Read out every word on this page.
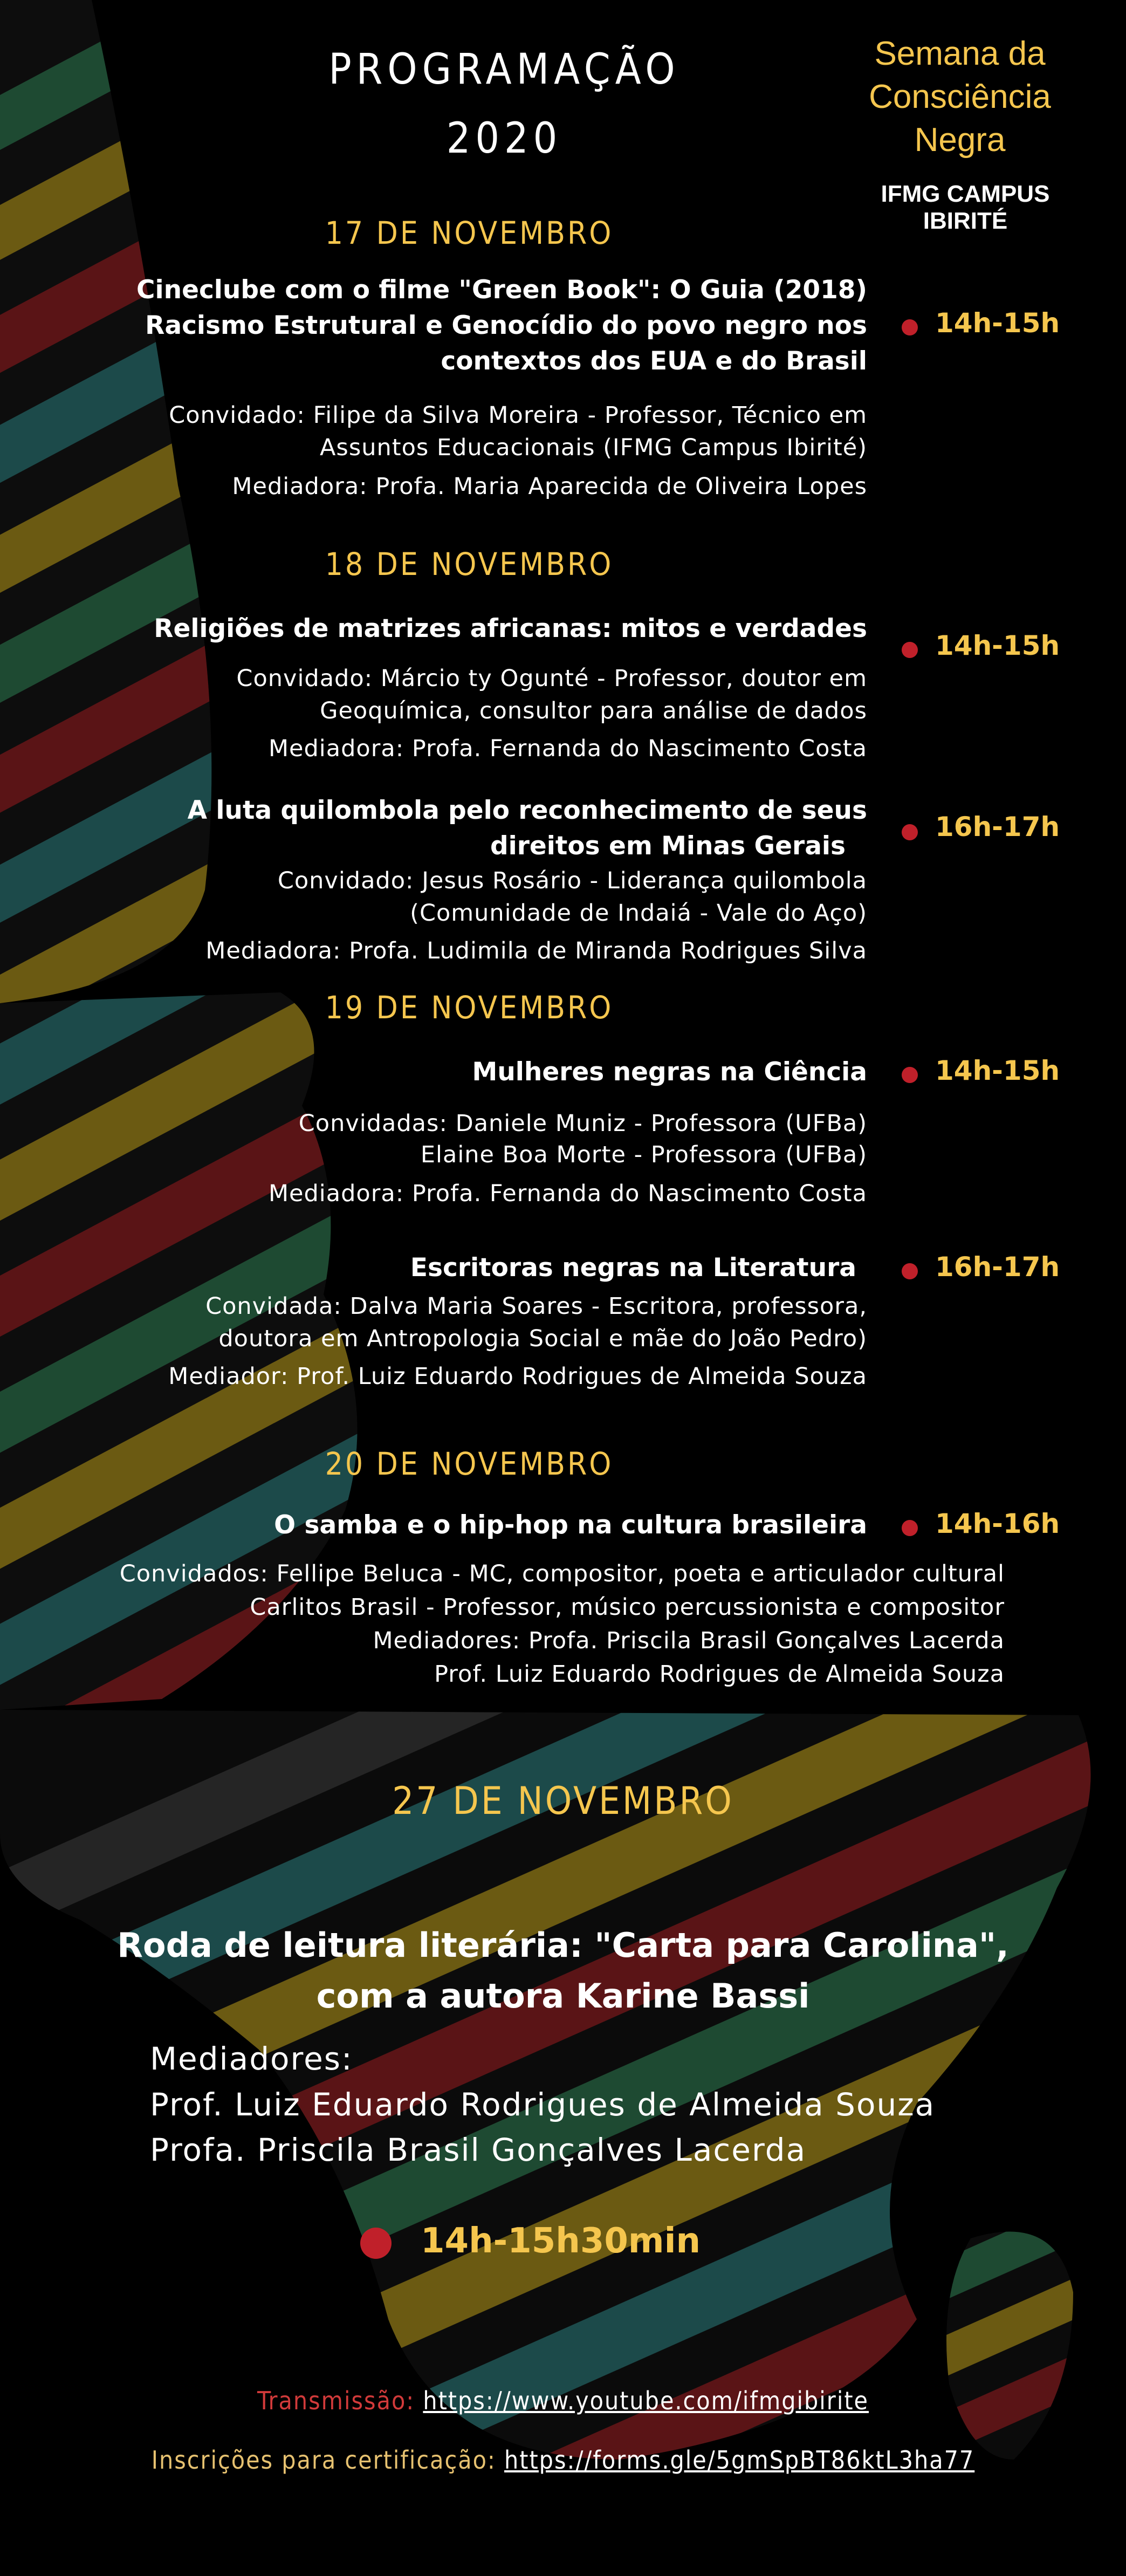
PROGRAMAÇÃO
2020
Semana da
Consciência
Negra
IFMG CAMPUS IBIRITÉ
17 DE NOVEMBRO
Cineclube com o filme "Green Book": O Guia (2018)
Racismo Estrutural e Genocídio do povo negro nos
contextos dos EUA e do Brasil
Convidado: Filipe da Silva Moreira - Professor, Técnico em
Assuntos Educacionais (IFMG Campus Ibirité)
Mediadora: Profa. Maria Aparecida de Oliveira Lopes
14h-15h
18 DE NOVEMBRO
Religiões de matrizes africanas: mitos e verdades
Convidado: Márcio ty Ogunté - Professor, doutor em
Geoquímica, consultor para análise de dados
Mediadora: Profa. Fernanda do Nascimento Costa
14h-15h
A luta quilombola pelo reconhecimento de seus
direitos em Minas Gerais
Convidado: Jesus Rosário - Liderança quilombola
(Comunidade de Indaiá - Vale do Aço)
Mediadora: Profa. Ludimila de Miranda Rodrigues Silva
16h-17h
19 DE NOVEMBRO
Mulheres negras na Ciência
Convidadas: Daniele Muniz - Professora (UFBa)
Elaine Boa Morte - Professora (UFBa)
Mediadora: Profa. Fernanda do Nascimento Costa
14h-15h
Escritoras negras na Literatura
Convidada: Dalva Maria Soares - Escritora, professora,
doutora em Antropologia Social e mãe do João Pedro)
Mediador: Prof. Luiz Eduardo Rodrigues de Almeida Souza
16h-17h
20 DE NOVEMBRO
O samba e o hip-hop na cultura brasileira
Convidados: Fellipe Beluca - MC, compositor, poeta e articulador cultural
Carlitos Brasil - Professor, músico percussionista e compositor
Mediadores: Profa. Priscila Brasil Gonçalves Lacerda
Prof. Luiz Eduardo Rodrigues de Almeida Souza
14h-16h
27 DE NOVEMBRO
Roda de leitura literária: "Carta para Carolina",
com a autora Karine Bassi
Mediadores:
Prof. Luiz Eduardo Rodrigues de Almeida Souza
Profa. Priscila Brasil Gonçalves Lacerda
14h-15h30min
Transmissão: https://www.youtube.com/ifmgibirite
Inscrições para certificação: https://forms.gle/5gmSpBT86ktL3ha77
